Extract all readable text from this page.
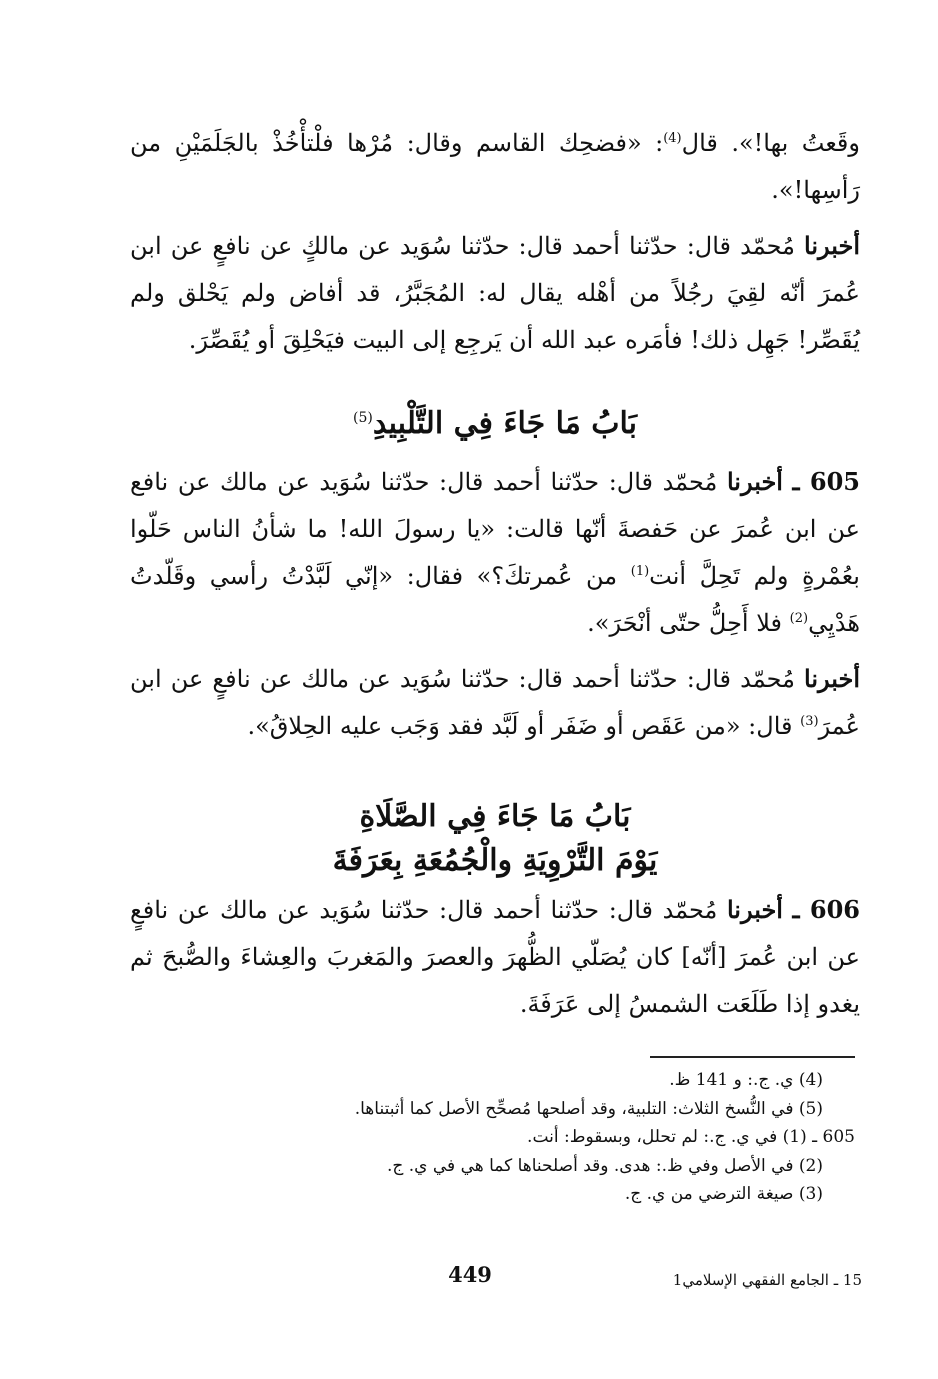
وقَعتُ بها!». قال$^{(4)}$: «فضحِك القاسم وقال: مُرْها فلْتأْخُذْ بالجَلَمَيْنِ من رَأسِها!».

أخبرنا مُحمّد قال: حدّثنا أحمد قال: حدّثنا سُوَيد عن مالكٍ عن نافعٍ عن ابن عُمرَ أنّه لقِيَ رجُلاً من أهْله يقال له: المُجَبَّرُ، قد أفاض ولم يَحْلق ولم يُقَصِّر! جَهِل ذلك! فأمَره عبد الله أن يَرجِع إلى البيت فيَحْلِقَ أو يُقَصِّرَ.

بَابُ مَا جَاءَ فِي التَّلْبِيدِ$^{(5)}$

605 ـ أخبرنا مُحمّد قال: حدّثنا أحمد قال: حدّثنا سُوَيد عن مالك عن نافع عن ابن عُمرَ عن حَفصةَ أنّها قالت: «يا رسولَ الله! ما شأنُ الناس حَلّوا بعُمْرةٍ ولم تَحِلَّ أنت$^{(1)}$ من عُمرتكَ؟» فقال: «إنّي لَبَّدْتُ رأسي وقَلّدتُ هَدْيِي$^{(2)}$ فلا أَحِلُّ حتّى أنْحَرَ».

أخبرنا مُحمّد قال: حدّثنا أحمد قال: حدّثنا سُوَيد عن مالك عن نافعٍ عن ابن عُمرَ$^{(3)}$ قال: «من عَقَص أو ضَفَر أو لَبَّد فقد وَجَب عليه الحِلاقُ».

بَابُ مَا جَاءَ فِي الصَّلَاةِ
يَوْمَ التَّرْوِيَةِ والْجُمُعَةِ بِعَرَفَةَ

606 ـ أخبرنا مُحمّد قال: حدّثنا أحمد قال: حدّثنا سُوَيد عن مالك عن نافعٍ عن ابن عُمرَ [أنّه] كان يُصَلّي الظُّهرَ والعصرَ والمَغربَ والعِشاءَ والصُّبحَ ثم يغدو إذا طَلَعَت الشمسُ إلى عَرَفَةَ.

(4) ي. ج.: و 141 ظ.
(5) في النُّسخ الثلاث: التلبية، وقد أصلحها مُصحِّح الأصل كما أثبتناها.
605 ـ (1) في ي. ج.: لم تحلل، وبسقوط: أنت.
(2) في الأصل وفي ظ.: هدى. وقد أصلحناها كما هي في ي. ج.
(3) صيغة الترضي من ي. ج.
449	15 ـ الجامع الفقهي الإسلامي1
